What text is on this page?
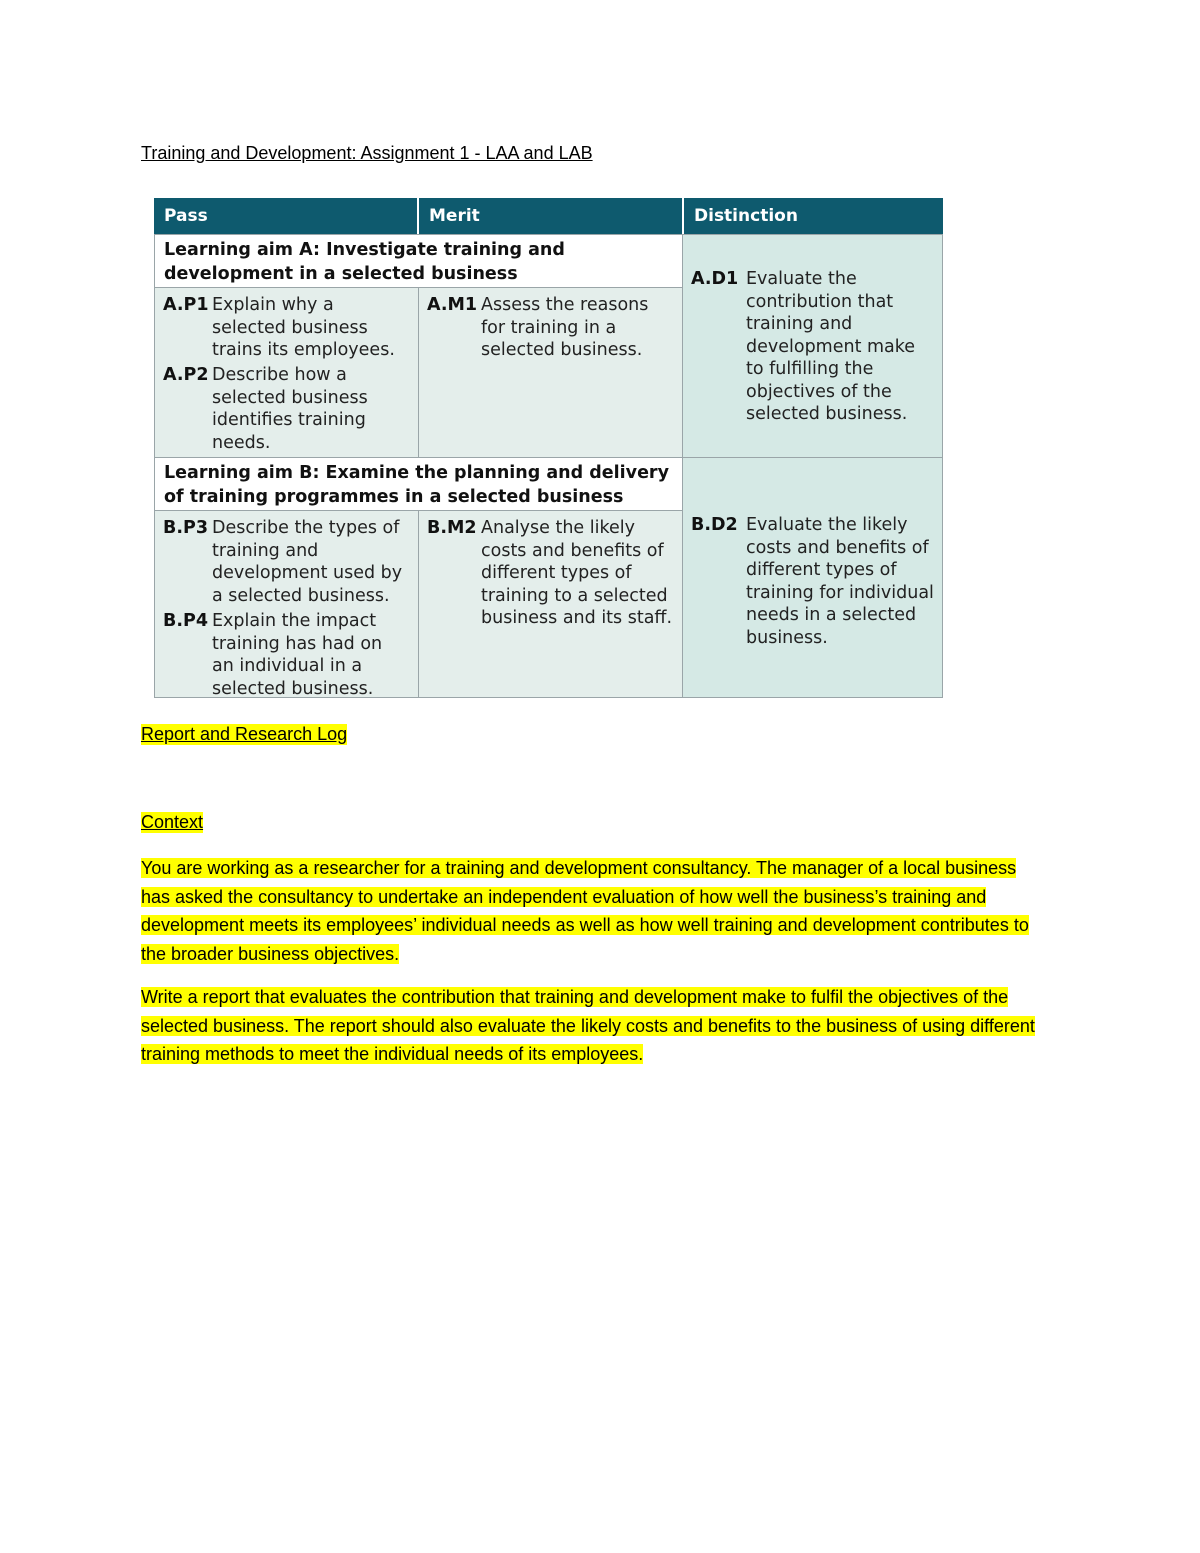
Training and Development: Assignment 1 - LAA and LAB
Pass	Merit	Distinction
Learning aim A: Investigate training and development in a selected business
A.P1 Explain why a selected business trains its employees.
A.P2 Describe how a selected business identifies training needs.
A.M1 Assess the reasons for training in a selected business.
A.D1 Evaluate the contribution that training and development make to fulfilling the objectives of the selected business.
Learning aim B: Examine the planning and delivery of training programmes in a selected business
B.P3 Describe the types of training and development used by a selected business.
B.P4 Explain the impact training has had on an individual in a selected business.
B.M2 Analyse the likely costs and benefits of different types of training to a selected business and its staff.
B.D2 Evaluate the likely costs and benefits of different types of training for individual needs in a selected business.
Report and Research Log
Context
You are working as a researcher for a training and development consultancy. The manager of a local business has asked the consultancy to undertake an independent evaluation of how well the business’s training and development meets its employees’ individual needs as well as how well training and development contributes to the broader business objectives.
Write a report that evaluates the contribution that training and development make to fulfil the objectives of the selected business. The report should also evaluate the likely costs and benefits to the business of using different training methods to meet the individual needs of its employees.
